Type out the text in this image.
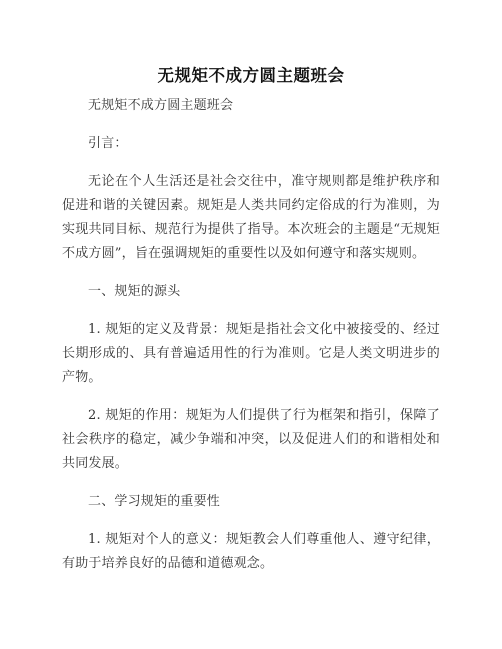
无规矩不成方圆主题班会

无规矩不成方圆主题班会

引言：

无论在个人生活还是社会交往中，准守规则都是维护秩序和促进和谐的关键因素。规矩是人类共同约定俗成的行为准则，为实现共同目标、规范行为提供了指导。本次班会的主题是“无规矩不成方圆”，旨在强调规矩的重要性以及如何遵守和落实规则。

一、规矩的源头

1. 规矩的定义及背景：规矩是指社会文化中被接受的、经过长期形成的、具有普遍适用性的行为准则。它是人类文明进步的产物。

2. 规矩的作用：规矩为人们提供了行为框架和指引，保障了社会秩序的稳定，减少争端和冲突，以及促进人们的和谐相处和共同发展。

二、学习规矩的重要性

1. 规矩对个人的意义：规矩教会人们尊重他人、遵守纪律，有助于培养良好的品德和道德观念。
